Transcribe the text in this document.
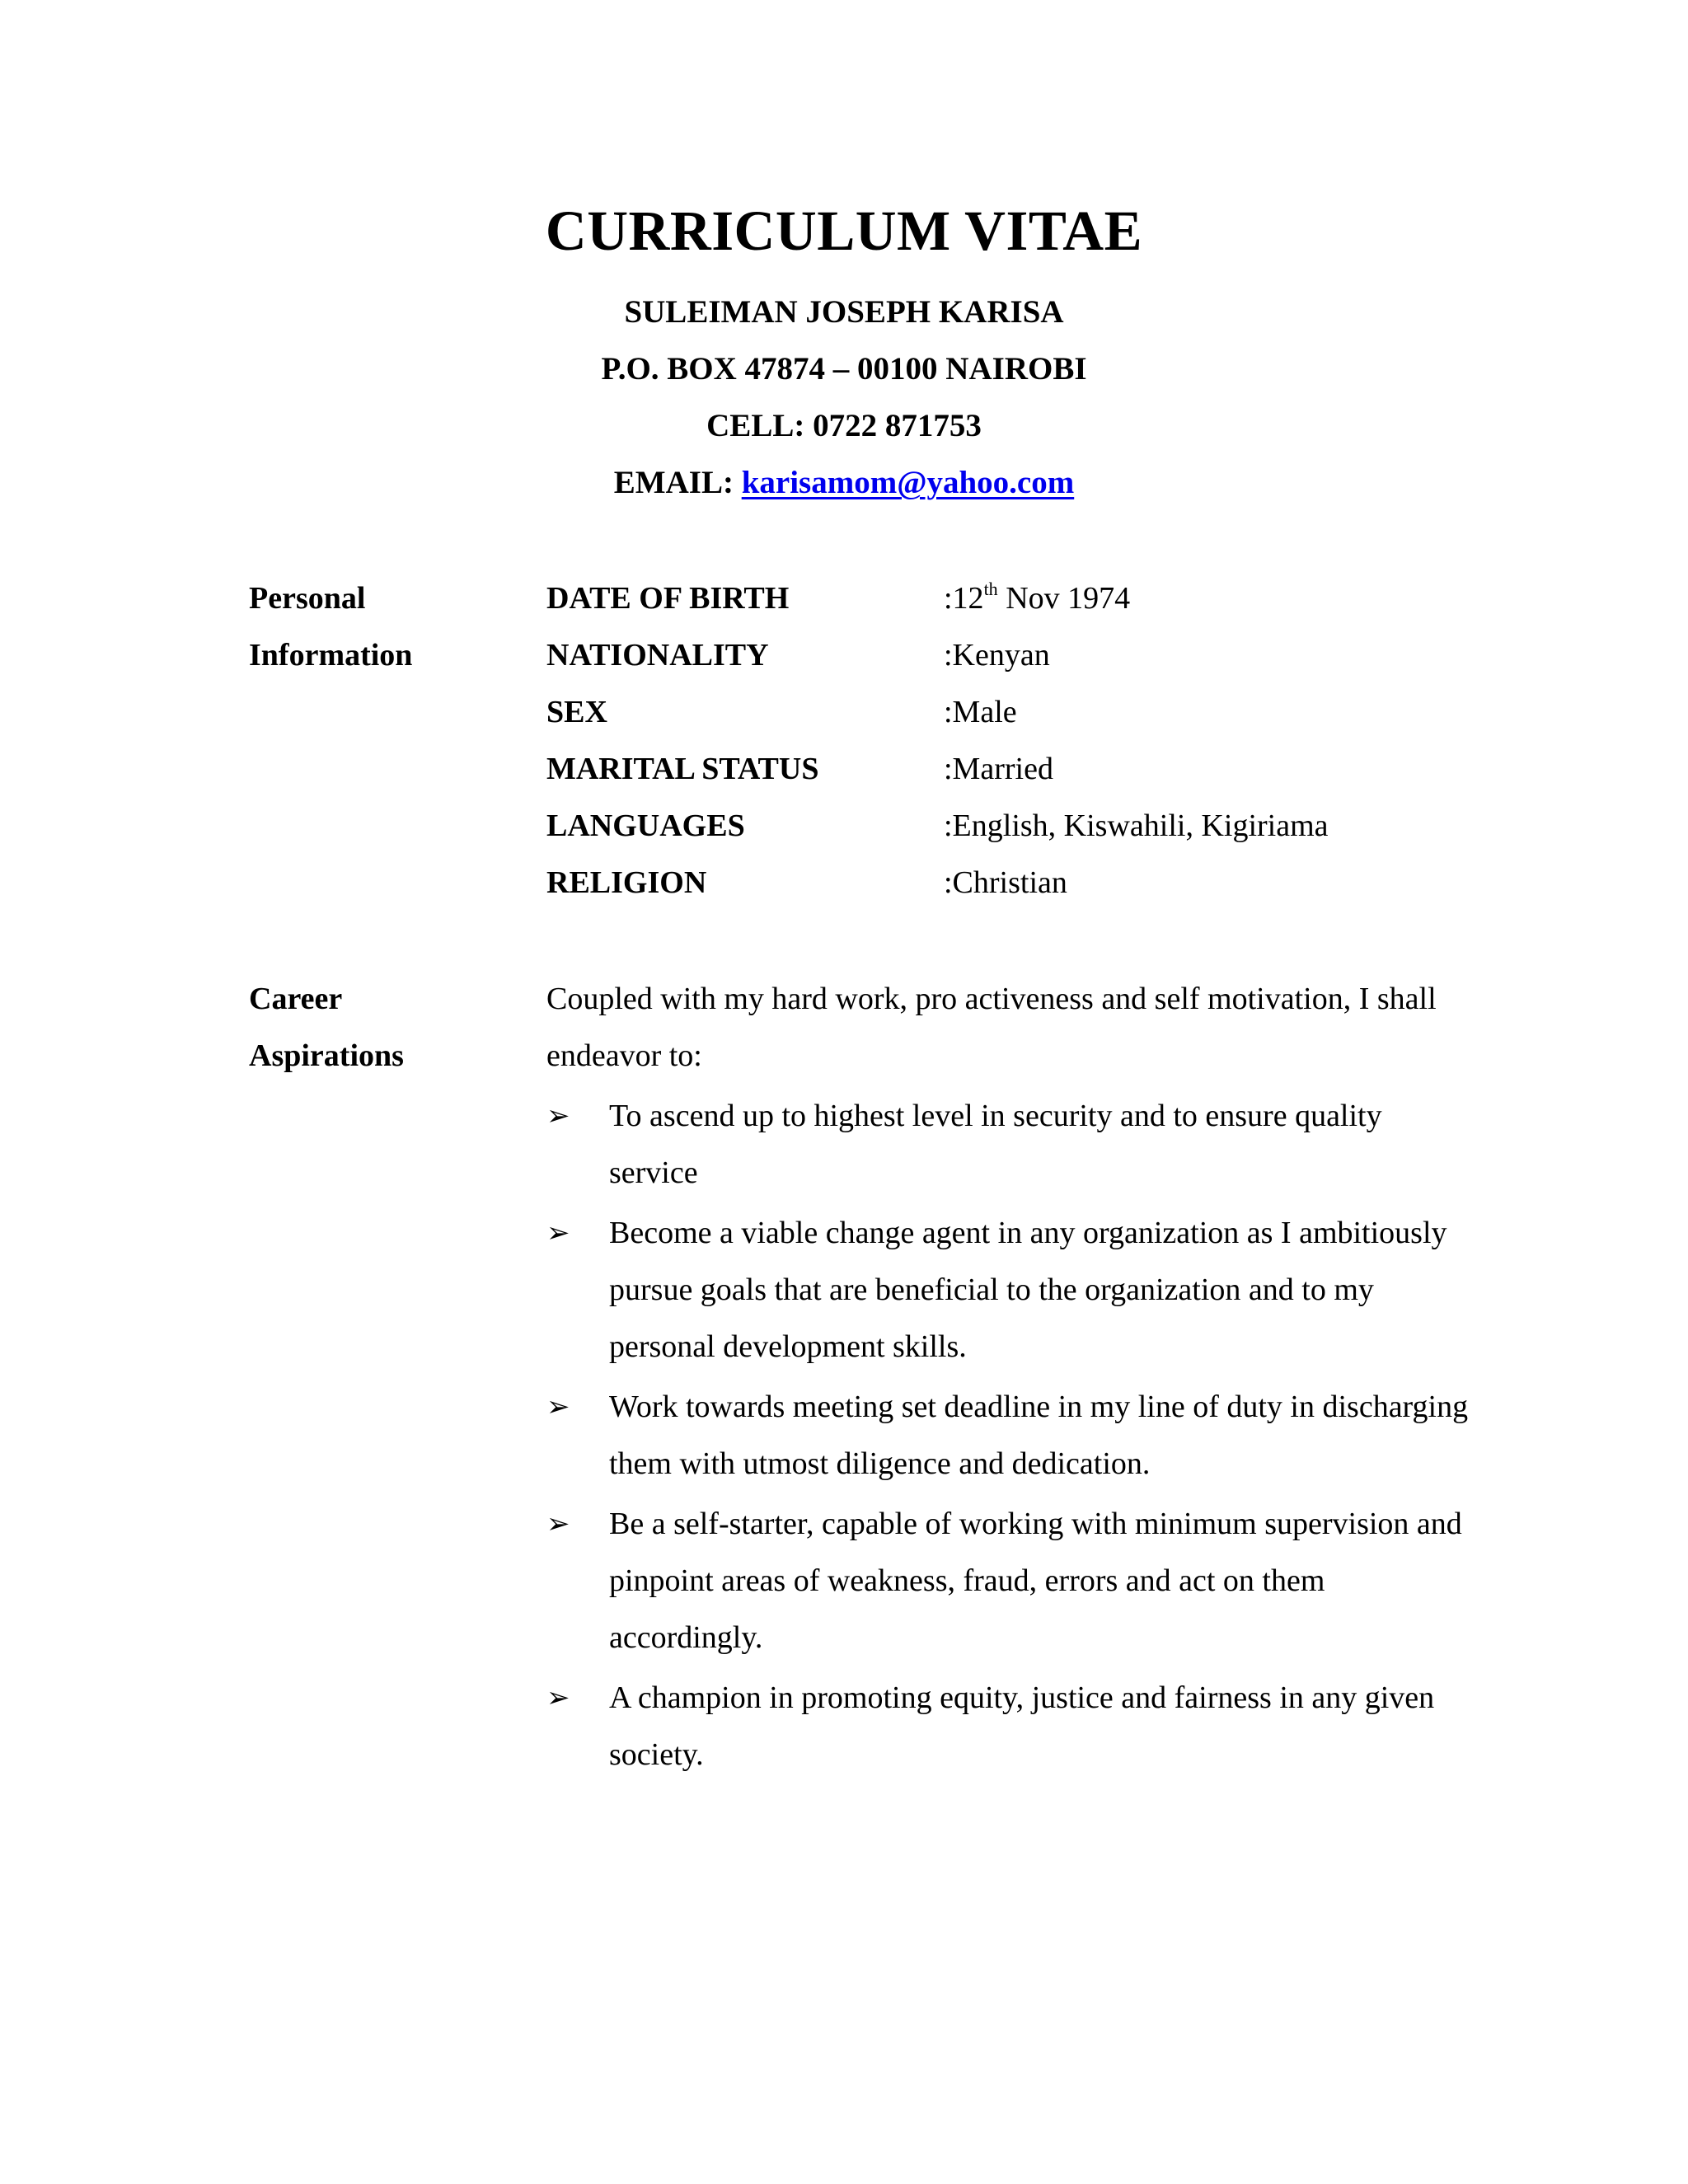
CURRICULUM VITAE
SULEIMAN JOSEPH KARISA
P.O. BOX 47874 – 00100 NAIROBI
CELL: 0722 871753
EMAIL: karisamom@yahoo.com
Personal
Information
DATE OF BIRTH	:12th Nov 1974
NATIONALITY	:Kenyan
SEX	:Male
MARITAL STATUS	:Married
LANGUAGES	:English, Kiswahili, Kigiriama
RELIGION	:Christian
Career
Aspirations

Coupled with my hard work, pro activeness and self motivation, I shall endeavor to:

➢	To ascend up to highest level in security and to ensure quality service
➢	Become a viable change agent in any organization as I ambitiously pursue goals that are beneficial to the organization and to my personal development skills.
➢	Work towards meeting set deadline in my line of duty in discharging them with utmost diligence and dedication.
➢	Be a self-starter, capable of working with minimum supervision and pinpoint areas of weakness, fraud, errors and act on them accordingly.
➢	A champion in promoting equity, justice and fairness in any given society.
